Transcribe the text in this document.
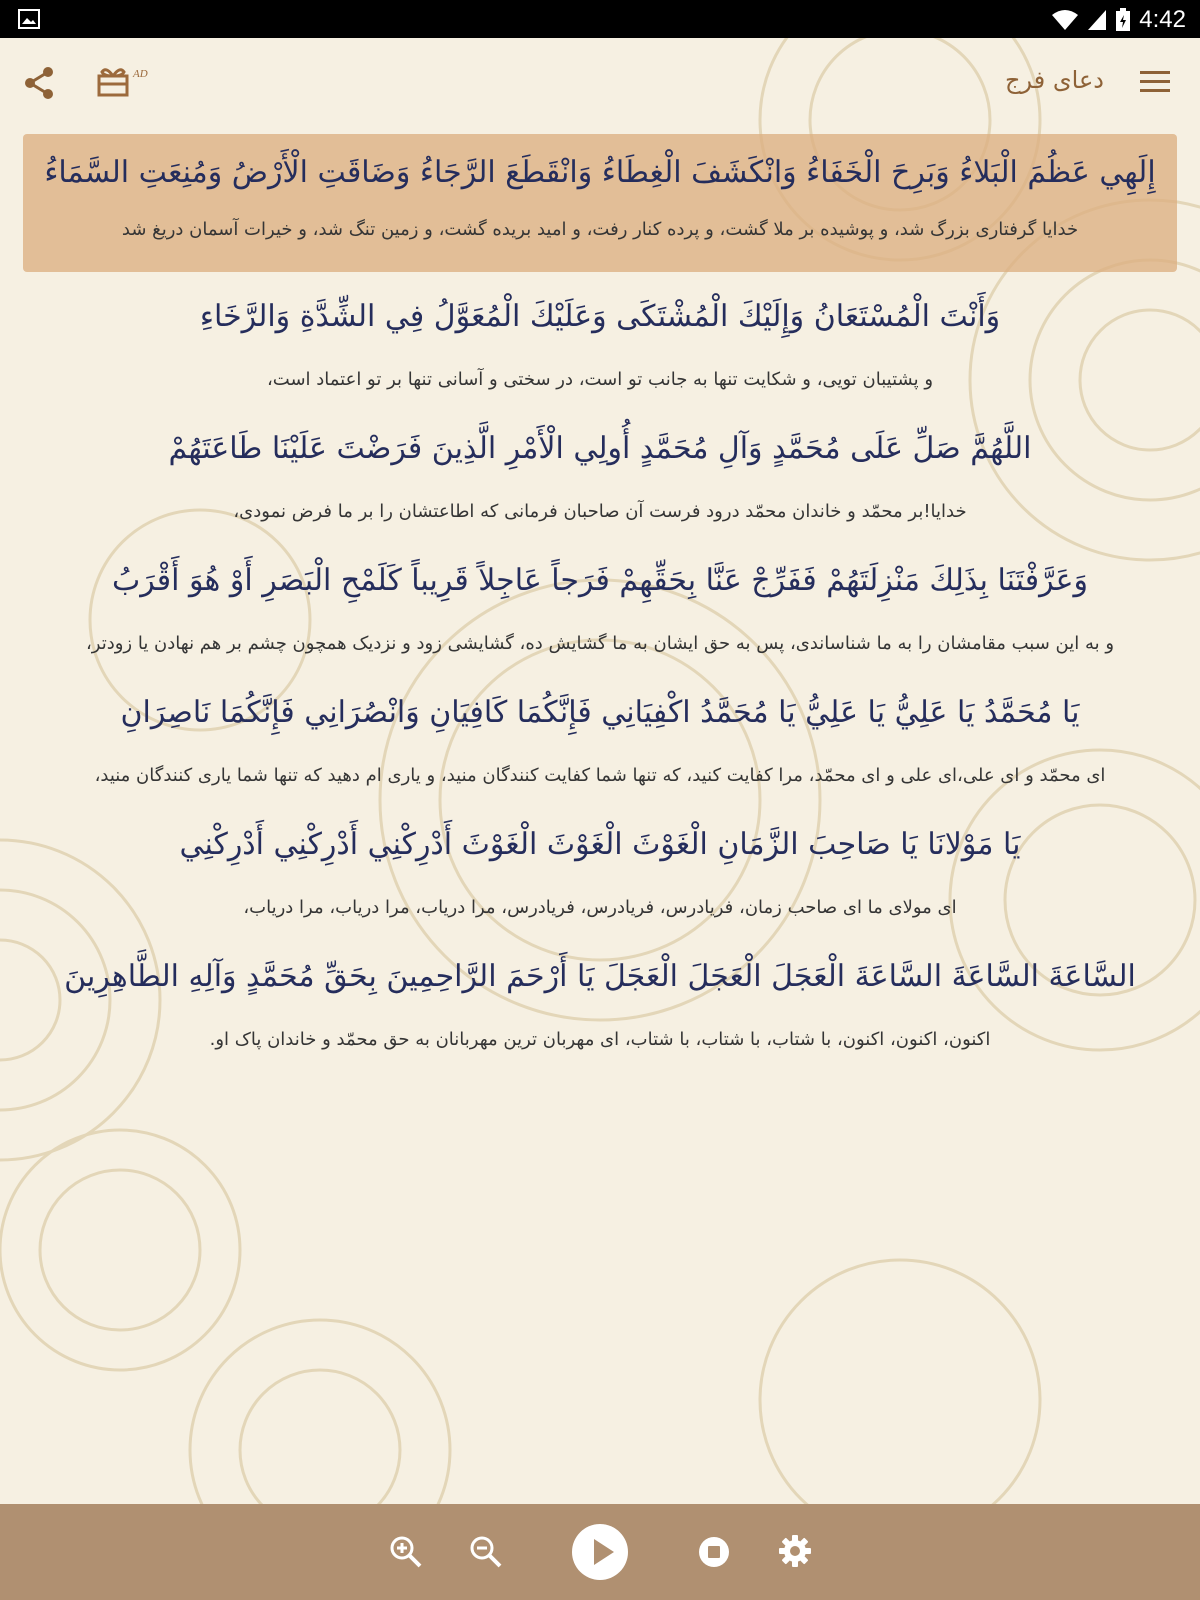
4:42
AD	دعای فرج

إِلَهِي عَظُمَ الْبَلاءُ وَبَرِحَ الْخَفَاءُ وَانْكَشَفَ الْغِطَاءُ وَانْقَطَعَ الرَّجَاءُ وَضَاقَتِ الْأَرْضُ وَمُنِعَتِ السَّمَاءُ

خدایا گرفتاری بزرگ شد، و پوشیده بر ملا گشت، و پرده کنار رفت، و امید بریده گشت، و زمین تنگ شد، و خیرات آسمان دریغ شد

وَأَنْتَ الْمُسْتَعَانُ وَإِلَيْكَ الْمُشْتَكَى وَعَلَيْكَ الْمُعَوَّلُ فِي الشِّدَّةِ وَالرَّخَاءِ

و پشتیبان تویی، و شکایت تنها به جانب تو است، در سختی و آسانی تنها بر تو اعتماد است،

اللَّهُمَّ صَلِّ عَلَى مُحَمَّدٍ وَآلِ مُحَمَّدٍ أُولِي الْأَمْرِ الَّذِينَ فَرَضْتَ عَلَيْنَا طَاعَتَهُمْ

خدایا!بر محمّد و خاندان محمّد درود فرست آن صاحبان فرمانی که اطاعتشان را بر ما فرض نمودی،

وَعَرَّفْتَنَا بِذَلِكَ مَنْزِلَتَهُمْ فَفَرِّجْ عَنَّا بِحَقِّهِمْ فَرَجاً عَاجِلاً قَرِيباً كَلَمْحِ الْبَصَرِ أَوْ هُوَ أَقْرَبُ

و به این سبب مقامشان را به ما شناساندی، پس به حق ایشان به ما گشایش ده، گشایشی زود و نزدیک همچون چشم بر هم نهادن یا زودتر،

يَا مُحَمَّدُ يَا عَلِيُّ يَا عَلِيُّ يَا مُحَمَّدُ اكْفِيَانِي فَإِنَّكُمَا كَافِيَانِ وَانْصُرَانِي فَإِنَّكُمَا نَاصِرَانِ

ای محمّد و ای علی،ای علی و ای محمّد، مرا کفایت کنید، که تنها شما کفایت کنندگان منید، و یاری ام دهید که تنها شما یاری کنندگان منید،

يَا مَوْلانَا يَا صَاحِبَ الزَّمَانِ الْغَوْثَ الْغَوْثَ الْغَوْثَ أَدْرِكْنِي أَدْرِكْنِي أَدْرِكْنِي

ای مولای ما ای صاحب زمان، فریادرس، فریادرس، فریادرس، مرا دریاب، مرا دریاب، مرا دریاب،

السَّاعَةَ السَّاعَةَ السَّاعَةَ الْعَجَلَ الْعَجَلَ الْعَجَلَ يَا أَرْحَمَ الرَّاحِمِينَ بِحَقِّ مُحَمَّدٍ وَآلِهِ الطَّاهِرِينَ

اکنون، اکنون، اکنون، با شتاب، با شتاب، با شتاب، ای مهربان ترین مهربانان به حق محمّد و خاندان پاک او.
